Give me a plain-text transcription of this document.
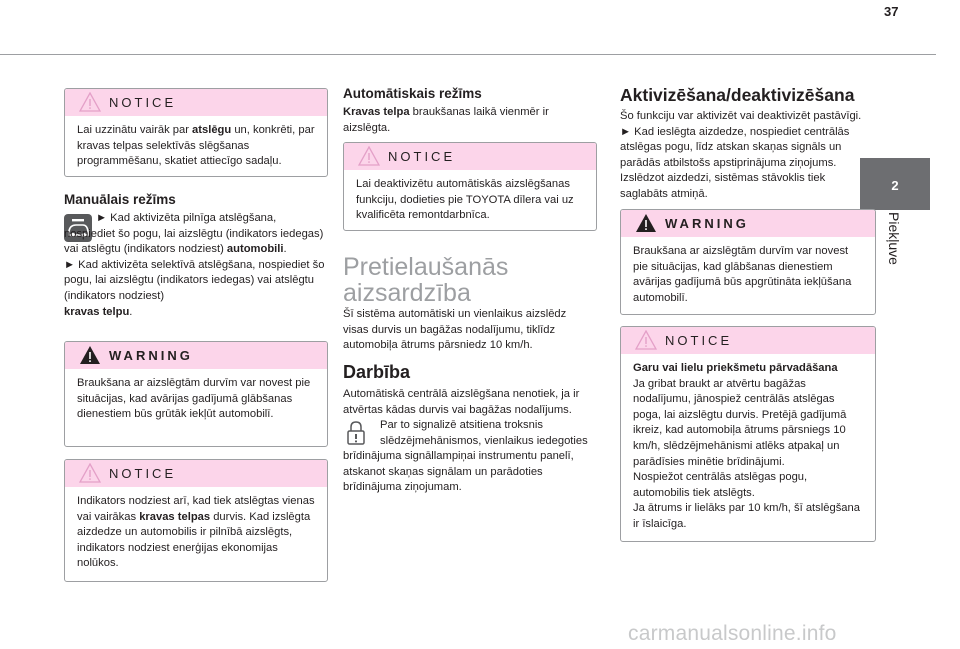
37
2
Piekļuve
NOTICE
Lai uzzinātu vairāk par atslēgu un, konkrēti, par kravas telpas selektīvās slēgšanas programmēšanu, skatiet attiecīgo sadaļu.
Manuālais režīms
► Kad aktivizēta pilnīga atslēgšana, nospiediet šo pogu, lai aizslēgtu (indikators iedegas) vai atslēgtu (indikators nodziest) automobili.
► Kad aktivizēta selektīvā atslēgšana, nospiediet šo pogu, lai aizslēgtu (indikators iedegas) vai atslēgtu (indikators nodziest)kravas telpu.
WARNING
Braukšana ar aizslēgtām durvīm var novest pie situācijas, kad avārijas gadījumā glābšanas dienestiem būs grūtāk iekļūt automobilī.
NOTICE
Indikators nodziest arī, kad tiek atslēgtas vienas vai vairākas kravas telpas durvis. Kad izslēgta aizdedze un automobilis ir pilnībā aizslēgts, indikators nodziest enerģijas ekonomijas nolūkos.
Automātiskais režīms
Kravas telpa braukšanas laikā vienmēr ir aizslēgta.
NOTICE
Lai deaktivizētu automātiskās aizslēgšanas funkciju, dodieties pie TOYOTA dīlera vai uz kvalificēta remontdarbnīca.
Pretielaušanās
aizsardzība
Šī sistēma automātiski un vienlaikus aizslēdz visas durvis un bagāžas nodalījumu, tiklīdz automobiļa ātrums pārsniedz 10 km/h.
Darbība
Automātiskā centrālā aizslēgšana nenotiek, ja ir atvērtas kādas durvis vai bagāžas nodalījums.
Par to signalizē atsitiena troksnis
slēdzējmehānismos, vienlaikus iedegoties brīdinājuma signāllampiņai instrumentu panelī, atskanot skaņas signālam un parādoties brīdinājuma ziņojumam.
Aktivizēšana/deaktivizēšana
Šo funkciju var aktivizēt vai deaktivizēt pastāvīgi.
► Kad ieslēgta aizdedze, nospiediet centrālās atslēgas pogu, līdz atskan skaņas signāls un parādās atbilstošs apstiprinājuma ziņojums.
Izslēdzot aizdedzi, sistēmas stāvoklis tiek saglabāts atmiņā.
WARNING
Braukšana ar aizslēgtām durvīm var novest pie situācijas, kad glābšanas dienestiem avārijas gadījumā būs apgrūtināta iekļūšana automobilī.
NOTICE
Garu vai lielu priekšmetu pārvadāšana
Ja gribat braukt ar atvērtu bagāžas nodalījumu, jānospiež centrālās atslēgas poga, lai aizslēgtu durvis. Pretējā gadījumā ikreiz, kad automobiļa ātrums pārsniegs 10 km/h, slēdzējmehānismi atlēks atpakaļ un parādīsies minētie brīdinājumi.
Nospiežot centrālās atslēgas pogu, automobilis tiek atslēgts.
Ja ātrums ir lielāks par 10 km/h, šī atslēgšana ir īslaicīga.
carmanualsonline.info
